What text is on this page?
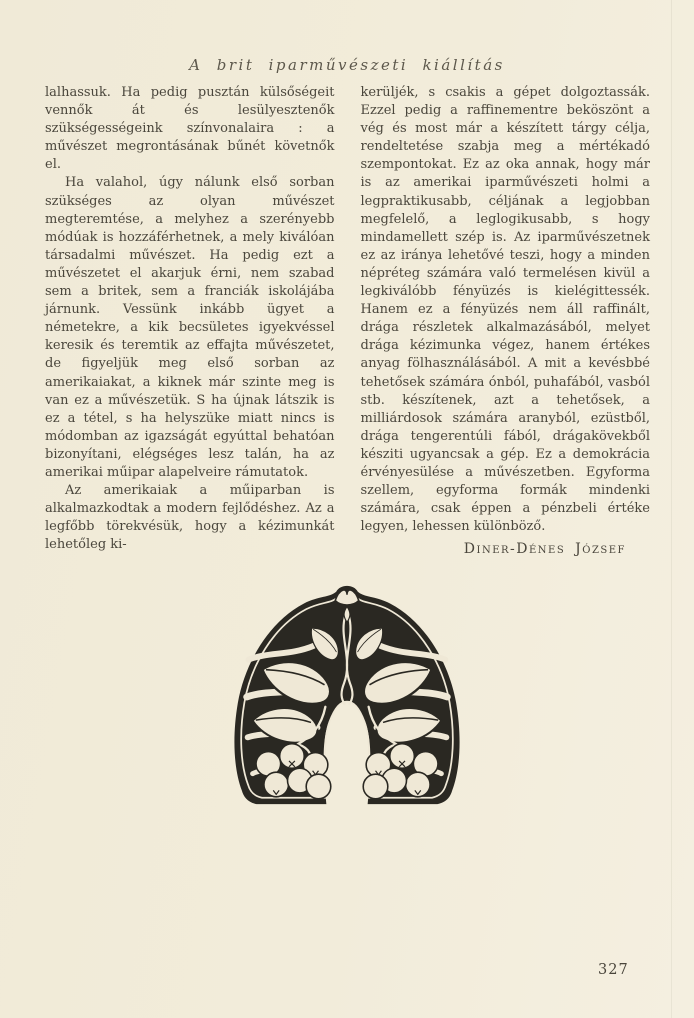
A brit iparművészeti kiállítás

lalhassuk. Ha pedig pusztán külsőségeit vennők át és lesülyesztenők szükségességeink színvonalaira : a művészet megrontásának bűnét követnők el.

Ha valahol, úgy nálunk első sorban szükséges az olyan művészet megteremtése, a melyhez a szerényebb módúak is hozzáférhetnek, a mely kiválóan társadalmi művészet. Ha pedig ezt a művészetet el akarjuk érni, nem szabad sem a britek, sem a franciák iskolájába járnunk. Vessünk inkább ügyet a németekre, a kik becsületes igyekvéssel keresik és teremtik az effajta művészetet, de figyeljük meg első sorban az amerikaiakat, a kiknek már szinte meg is van ez a művészetük. S ha újnak látszik is ez a tétel, s ha helyszüke miatt nincs is módomban az igazságát egyúttal behatóan bizonyítani, elégséges lesz talán, ha az amerikai műipar alapelveire rámutatok.

Az amerikaiak a műiparban is alkalmazkodtak a modern fejlődéshez. Az a legfőbb törekvésük, hogy a kézimunkát lehetőleg ki-

kerüljék, s csakis a gépet dolgoztassák. Ezzel pedig a raffinementre beköszönt a vég és most már a készített tárgy célja, rendeltetése szabja meg a mértékadó szempontokat. Ez az oka annak, hogy már is az amerikai iparművészeti holmi a legpraktikusabb, céljának a legjobban megfelelő, a leglogikusabb, s hogy mindamellett szép is. Az iparművészetnek ez az iránya lehetővé teszi, hogy a minden népréteg számára való termelésen kivül a legkiválóbb fényüzés is kielégittessék. Hanem ez a fényüzés nem áll raffinált, drága részletek alkalmazásából, melyet drága kézimunka végez, hanem értékes anyag fölhasználásából. A mit a kevésbbé tehetősek számára ónból, puhafából, vasból stb. készítenek, azt a tehetősek, a milliárdosok számára aranyból, ezüstből, drága tengerentúli fából, drágakövekből késziti ugyancsak a gép. Ez a demokrácia érvényesülése a művészetben. Egyforma szellem, egyforma formák mindenki számára, csak éppen a pénzbeli értéke legyen, lehessen különböző.

Diner-Dénes József
327
